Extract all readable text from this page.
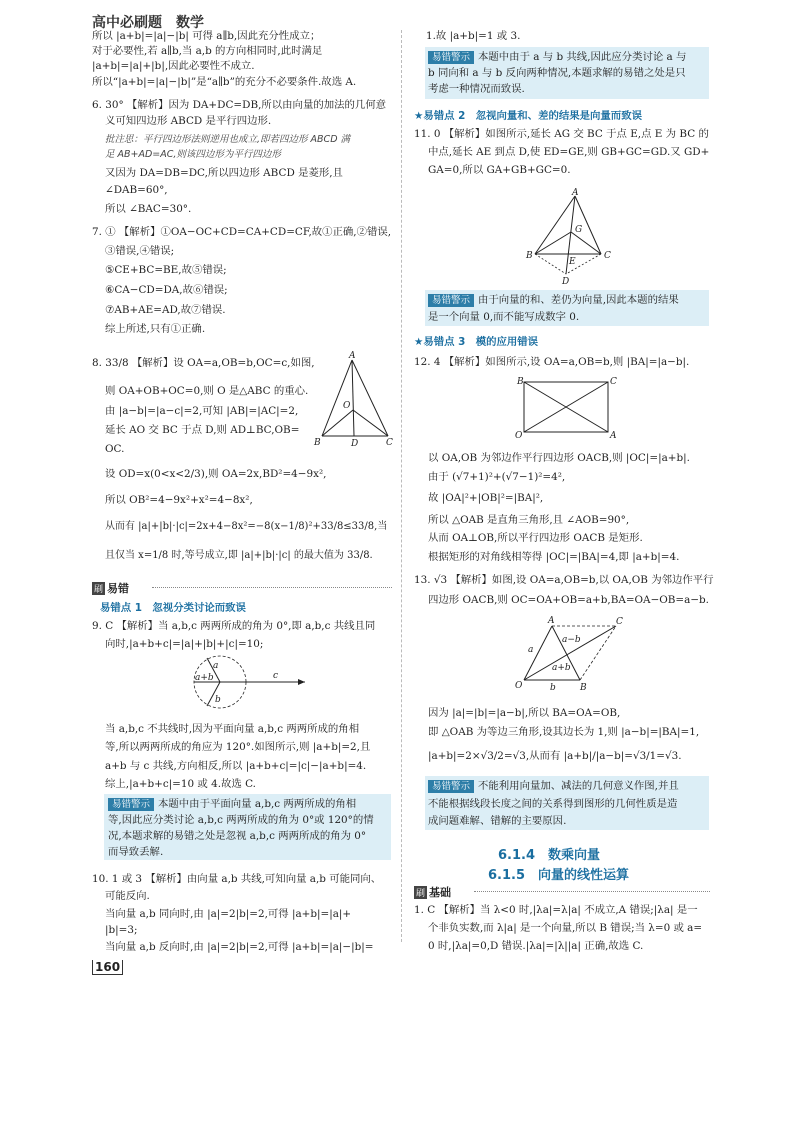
高中必刷题　数学
所以 |a+b|=|a|−|b| 可得 a∥b,因此充分性成立；
对于必要性,若 a∥b,当 a,b 的方向相同时,此时满足
|a+b|=|a|+|b|,因此必要性不成立.
所以“|a+b|=|a|−|b|”是“a∥b”的充分不必要条件.故选 A.
6. 30° 【解析】因为 DA+DC=DB,所以由向量的加法的几何意
义可知四边形 ABCD 是平行四边形.
批注思：平行四边形法则逆用也成立,即若四边形 ABCD 满
足 AB+AD=AC,则该四边形为平行四边形
又因为 DA=DB=DC,所以四边形 ABCD 是菱形,且
∠DAB=60°,
所以 ∠BAC=30°.
7. ① 【解析】①OA−OC+CD=CA+CD=CF,故①正确,②错误,
③错误,④错误;
⑤CE+BC=BE,故⑤错误;
⑥CA−CD=DA,故⑥错误;
⑦AB+AE=AD,故⑦错误.
综上所述,只有①正确.
8. 33/8 【解析】设 OA=a,OB=b,OC=c,如图,
则 OA+OB+OC=0,则 O 是△ABC 的重心.
由 |a−b|=|a−c|=2,可知 |AB|=|AC|=2,
延长 AO 交 BC 于点 D,则 AD⊥BC,OB=
OC.
设 OD=x(0<x<2/3),则 OA=2x,BD²=4−9x²,
所以 OB²=4−9x²+x²=4−8x²,
从而有 |a|+|b|·|c|=2x+4−8x²=−8(x−1/8)²+33/8≤33/8,当
且仅当 x=1/8 时,等号成立,即 |a|+|b|·|c| 的最大值为 33/8.
A
O
B	D	C
刷 易错
易错点 1　忽视分类讨论而致误
9. C 【解析】当 a,b,c 两两所成的角为 0°,即 a,b,c 共线且同
向时,|a+b+c|=|a|+|b|+|c|=10;
a
a+b
b
c
当 a,b,c 不共线时,因为平面向量 a,b,c 两两所成的角相
等,所以两两所成的角应为 120°.如图所示,则 |a+b|=2,且
a+b 与 c 共线,方向相反,所以 |a+b+c|=|c|−|a+b|=4.
综上,|a+b+c|=10 或 4.故选 C.
易错警示 本题中由于平面向量 a,b,c 两两所成的角相
等,因此应分类讨论 a,b,c 两两所成的角为 0°或 120°的情
况,本题求解的易错之处是忽视 a,b,c 两两所成的角为 0°
而导致丢解.
10. 1 或 3 【解析】由向量 a,b 共线,可知向量 a,b 可能同向、
可能反向.
当向量 a,b 同向时,由 |a|=2|b|=2,可得 |a+b|=|a|+
|b|=3;
当向量 a,b 反向时,由 |a|=2|b|=2,可得 |a+b|=|a|−|b|=
160
1.故 |a+b|=1 或 3.
易错警示 本题中由于 a 与 b 共线,因此应分类讨论 a 与
b 同向和 a 与 b 反向两种情况,本题求解的易错之处是只
考虑一种情况而致误.
★易错点 2　忽视向量和、差的结果是向量而致误
11. 0 【解析】如图所示,延长 AG 交 BC 于点 E,点 E 为 BC 的
中点,延长 AE 到点 D,使 ED=GE,则 GB+GC=GD.又 GD+
GA=0,所以 GA+GB+GC=0.
A
G
B
E
C
D
易错警示 由于向量的和、差仍为向量,因此本题的结果
是一个向量 0,而不能写成数字 0.
★易错点 3　模的应用错误
12. 4 【解析】如图所示,设 OA=a,OB=b,则 |BA|=|a−b|.
B	C
O	A
以 OA,OB 为邻边作平行四边形 OACB,则 |OC|=|a+b|.
由于 (√7+1)²+(√7−1)²=4²,
故 |OA|²+|OB|²=|BA|²,
所以 △OAB 是直角三角形,且 ∠AOB=90°,
从而 OA⊥OB,所以平行四边形 OACB 是矩形.
根据矩形的对角线相等得 |OC|=|BA|=4,即 |a+b|=4.
13. √3 【解析】如图,设 OA=a,OB=b,以 OA,OB 为邻边作平行
四边形 OACB,则 OC=OA+OB=a+b,BA=OA−OB=a−b.
A	C
a−b
a
a+b
O	b	B
因为 |a|=|b|=|a−b|,所以 BA=OA=OB,
即 △OAB 为等边三角形,设其边长为 1,则 |a−b|=|BA|=1,
|a+b|=2×√3/2=√3,从而有 |a+b|/|a−b|=√3/1=√3.
易错警示 不能利用向量加、减法的几何意义作图,并且
不能根据线段长度之间的关系得到图形的几何性质是造
成问题难解、错解的主要原因.
6.1.4　数乘向量
6.1.5　向量的线性运算
刷 基础
1. C 【解析】当 λ<0 时,|λa|=λ|a| 不成立,A 错误;|λa| 是一
个非负实数,而 λ|a| 是一个向量,所以 B 错误;当 λ=0 或 a=
0 时,|λa|=0,D 错误.|λa|=|λ||a| 正确,故选 C.
